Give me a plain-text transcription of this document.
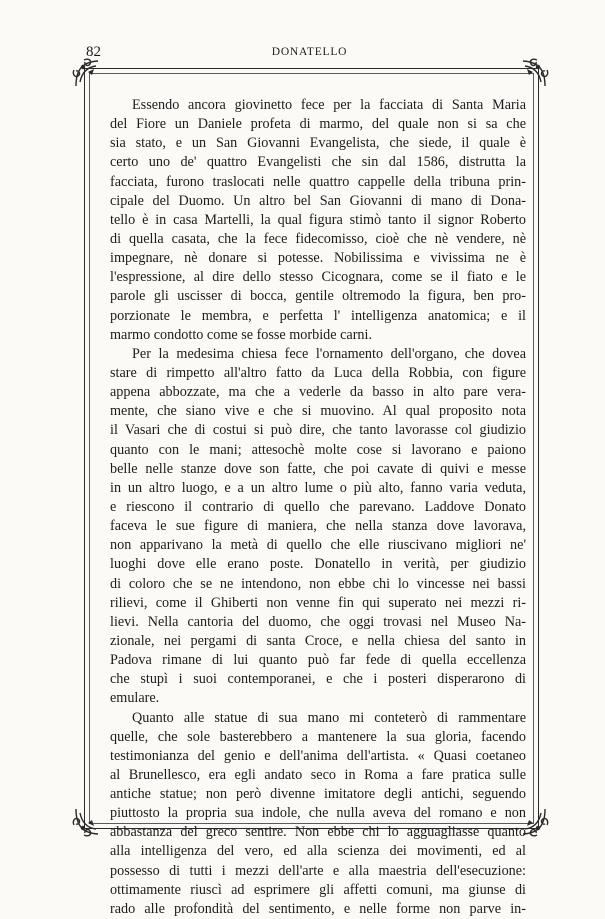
82	DONATELLO
Essendo ancora giovinetto fece per la facciata di Santa Maria
del Fiore un Daniele profeta di marmo, del quale non si sa che
sia stato, e un San Giovanni Evangelista, che siede, il quale è
certo uno de' quattro Evangelisti che sin dal 1586, distrutta la
facciata, furono traslocati nelle quattro cappelle della tribuna prin-
cipale del Duomo. Un altro bel San Giovanni di mano di Dona-
tello è in casa Martelli, la qual figura stimò tanto il signor Roberto
di quella casata, che la fece fidecomisso, cioè che nè vendere, nè
impegnare, nè donare si potesse. Nobilissima e vivissima ne è
l'espressione, al dire dello stesso Cicognara, come se il fiato e le
parole gli uscisser di bocca, gentile oltremodo la figura, ben pro-
porzionate le membra, e perfetta l' intelligenza anatomica; e il
marmo condotto come se fosse morbide carni.
Per la medesima chiesa fece l'ornamento dell'organo, che dovea
stare di rimpetto all'altro fatto da Luca della Robbia, con figure
appena abbozzate, ma che a vederle da basso in alto pare vera-
mente, che siano vive e che si muovino. Al qual proposito nota
il Vasari che di costui si può dire, che tanto lavorasse col giudizio
quanto con le mani; attesochè molte cose si lavorano e paiono
belle nelle stanze dove son fatte, che poi cavate di quivi e messe
in un altro luogo, e a un altro lume o più alto, fanno varia veduta,
e riescono il contrario di quello che parevano. Laddove Donato
faceva le sue figure di maniera, che nella stanza dove lavorava,
non apparivano la metà di quello che elle riuscivano migliori ne'
luoghi dove elle erano poste. Donatello in verità, per giudizio
di coloro che se ne intendono, non ebbe chi lo vincesse nei bassi
rilievi, come il Ghiberti non venne fin qui superato nei mezzi ri-
lievi. Nella cantoria del duomo, che oggi trovasi nel Museo Na-
zionale, nei pergami di santa Croce, e nella chiesa del santo in
Padova rimane di lui quanto può far fede di quella eccellenza
che stupì i suoi contemporanei, e che i posteri disperarono di
emulare.
Quanto alle statue di sua mano mi conteterò di rammentare
quelle, che sole basterebbero a mantenere la sua gloria, facendo
testimonianza del genio e dell'anima dell'artista. « Quasi coetaneo
al Brunellesco, era egli andato seco in Roma a fare pratica sulle
antiche statue; non però divenne imitatore degli antichi, seguendo
piuttosto la propria sua indole, che nulla aveva del romano e non
abbastanza del greco sentire. Non ebbe chi lo agguagliasse quanto
alla intelligenza del vero, ed alla scienza dei movimenti, ed al
possesso di tutti i mezzi dell'arte e alla maestria dell'esecuzione:
ottimamente riuscì ad esprimere gli affetti comuni, ma giunse di
rado alle profondità del sentimento, e nelle forme non parve in-
